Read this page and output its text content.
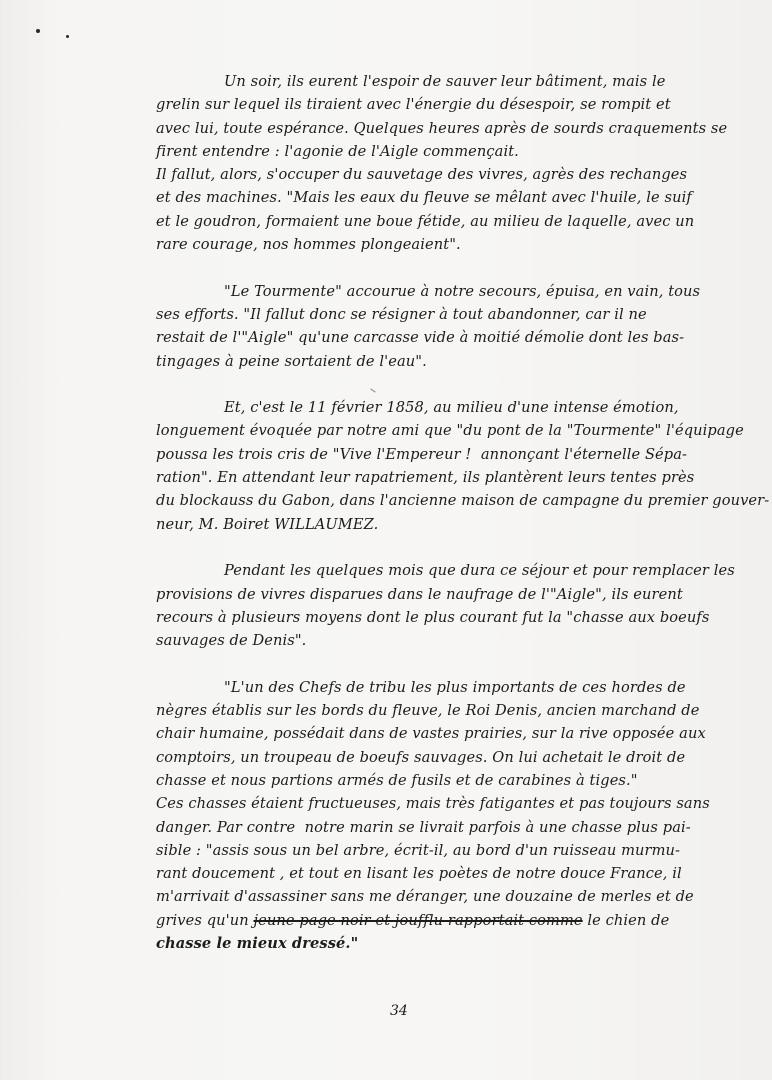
Un soir, ils eurent l'espoir de sauver leur bâtiment, mais le
grelin sur lequel ils tiraient avec l'énergie du désespoir, se rompit et
avec lui, toute espérance. Quelques heures après de sourds craquements se
firent entendre : l'agonie de l'Aigle commençait.
Il fallut, alors, s'occuper du sauvetage des vivres, agrès des rechanges
et des machines. "Mais les eaux du fleuve se mêlant avec l'huile, le suif
et le goudron, formaient une boue fétide, au milieu de laquelle, avec un
rare courage, nos hommes plongeaient".
"Le Tourmente" accourue à notre secours, épuisa, en vain, tous
ses efforts. "Il fallut donc se résigner à tout abandonner, car il ne
restait de l'"Aigle" qu'une carcasse vide à moitié démolie dont les bas-
tingages à peine sortaient de l'eau".
Et, c'est le 11 février 1858, au milieu d'une intense émotion,
longuement évoquée par notre ami que "du pont de la "Tourmente" l'équipage
poussa les trois cris de "Vive l'Empereur !  annonçant l'éternelle Sépa-
ration". En attendant leur rapatriement, ils plantèrent leurs tentes près
du blockauss du Gabon, dans l'ancienne maison de campagne du premier gouver-
neur, M. Boiret WILLAUMEZ.
Pendant les quelques mois que dura ce séjour et pour remplacer les
provisions de vivres disparues dans le naufrage de l'"Aigle", ils eurent
recours à plusieurs moyens dont le plus courant fut la "chasse aux boeufs
sauvages de Denis".
"L'un des Chefs de tribu les plus importants de ces hordes de
nègres établis sur les bords du fleuve, le Roi Denis, ancien marchand de
chair humaine, possédait dans de vastes prairies, sur la rive opposée aux
comptoirs, un troupeau de boeufs sauvages. On lui achetait le droit de
chasse et nous partions armés de fusils et de carabines à tiges."
Ces chasses étaient fructueuses, mais très fatigantes et pas toujours sans
danger. Par contre  notre marin se livrait parfois à une chasse plus pai-
sible : "assis sous un bel arbre, écrit-il, au bord d'un ruisseau murmu-
rant doucement , et tout en lisant les poètes de notre douce France, il
m'arrivait d'assassiner sans me déranger, une douzaine de merles et de
grives qu'un jeune page noir et joufflu rapportait comme le chien de
chasse le mieux dressé."
34
